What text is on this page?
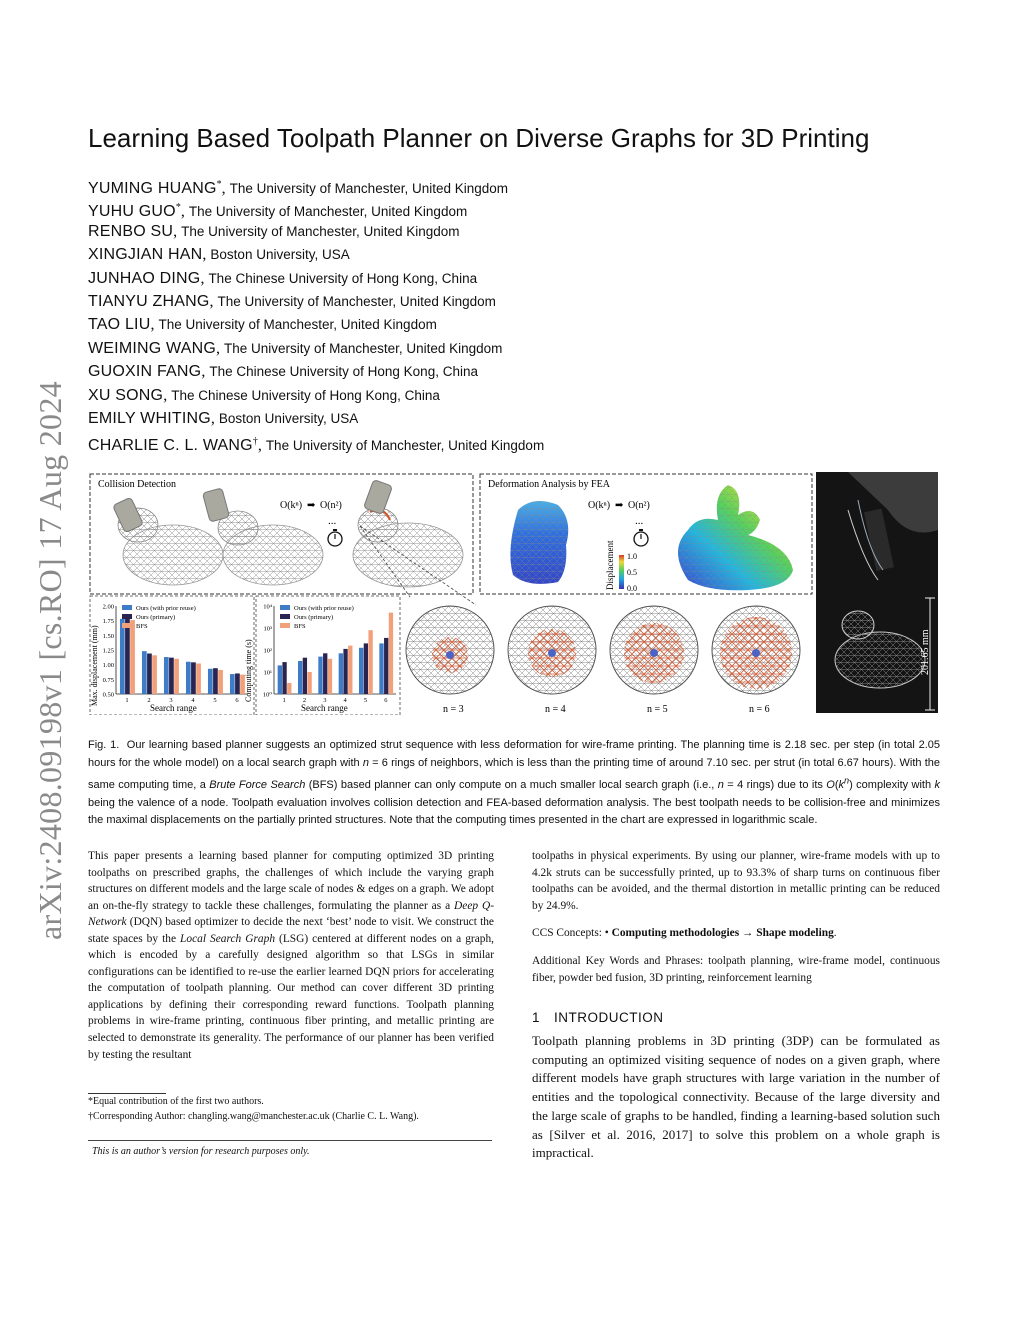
arXiv:2408.09198v1 [cs.RO] 17 Aug 2024
Learning Based Toolpath Planner on Diverse Graphs for 3D Printing
YUMING HUANG*, The University of Manchester, United Kingdom
YUHU GUO*, The University of Manchester, United Kingdom
RENBO SU, The University of Manchester, United Kingdom
XINGJIAN HAN, Boston University, USA
JUNHAO DING, The Chinese University of Hong Kong, China
TIANYU ZHANG, The University of Manchester, United Kingdom
TAO LIU, The University of Manchester, United Kingdom
WEIMING WANG, The University of Manchester, United Kingdom
GUOXIN FANG, The Chinese University of Hong Kong, China
XU SONG, The Chinese University of Hong Kong, China
EMILY WHITING, Boston University, USA
CHARLIE C. L. WANG†, The University of Manchester, United Kingdom
Collision Detection
O(kⁿ) ➡ O(n²)
...
Deformation Analysis by FEA
O(kⁿ) ➡ O(n²)
...
Displacement 1.0
0.5
0.0
201.65 mm
2.00
1.75
1.50
1.25
1.00
0.75
0.50
1	2	3	4	5	6
Ours (with prior reuse)
Ours (primary)
BFS
Max. displacement (mm)
Search range
10⁴
10³
10²
10¹
10⁰
1	2	3	4	5	6
Ours (with prior reuse)
Ours (primary)
BFS
Computing time (s)
Search range	n = 3	n = 4	n = 5	n = 6

Fig. 1. Our learning based planner suggests an optimized strut sequence with less deformation for wire-frame printing. The planning time is 2.18 sec. per step (in total 2.05 hours for the whole model) on a local search graph with n = 6 rings of neighbors, which is less than the printing time of around 7.10 sec. per strut (in total 6.67 hours). With the same computing time, a Brute Force Search (BFS) based planner can only compute on a much smaller local search graph (i.e., n = 4 rings) due to its $O(k^n)$ complexity with k being the valence of a node. Toolpath evaluation involves collision detection and FEA-based deformation analysis. The best toolpath needs to be collision-free and minimizes the maximal displacements on the partially printed structures. Note that the computing times presented in the chart are expressed in logarithmic scale.

This paper presents a learning based planner for computing optimized 3D printing toolpaths on prescribed graphs, the challenges of which include the varying graph structures on different models and the large scale of nodes & edges on a graph. We adopt an on-the-fly strategy to tackle these challenges, formulating the planner as a Deep Q-Network (DQN) based optimizer to decide the next ‘best’ node to visit. We construct the state spaces by the Local Search Graph (LSG) centered at different nodes on a graph, which is encoded by a carefully designed algorithm so that LSGs in similar configurations can be identified to re-use the earlier learned DQN priors for accelerating the computation of toolpath planning. Our method can cover different 3D printing applications by defining their corresponding reward functions. Toolpath planning problems in wire-frame printing, continuous fiber printing, and metallic printing are selected to demonstrate its generality. The performance of our planner has been verified by testing the resultant

toolpaths in physical experiments. By using our planner, wire-frame models with up to 4.2k struts can be successfully printed, up to 93.3% of sharp turns on continuous fiber toolpaths can be avoided, and the thermal distortion in metallic printing can be reduced by 24.9%.

CCS Concepts: • Computing methodologies → Shape modeling.

Additional Key Words and Phrases: toolpath planning, wire-frame model, continuous fiber, powder bed fusion, 3D printing, reinforcement learning

1 INTRODUCTION

Toolpath planning problems in 3D printing (3DP) can be formulated as computing an optimized visiting sequence of nodes on a given graph, where different models have graph structures with large variation in the number of entities and the topological connectivity. Because of the large diversity and the large scale of graphs to be handled, finding a learning-based solution such as [Silver et al. 2016, 2017] to solve this problem on a whole graph is impractical.

*Equal contribution of the first two authors.
†Corresponding Author: changling.wang@manchester.ac.uk (Charlie C. L. Wang).
This is an author’s version for research purposes only.
